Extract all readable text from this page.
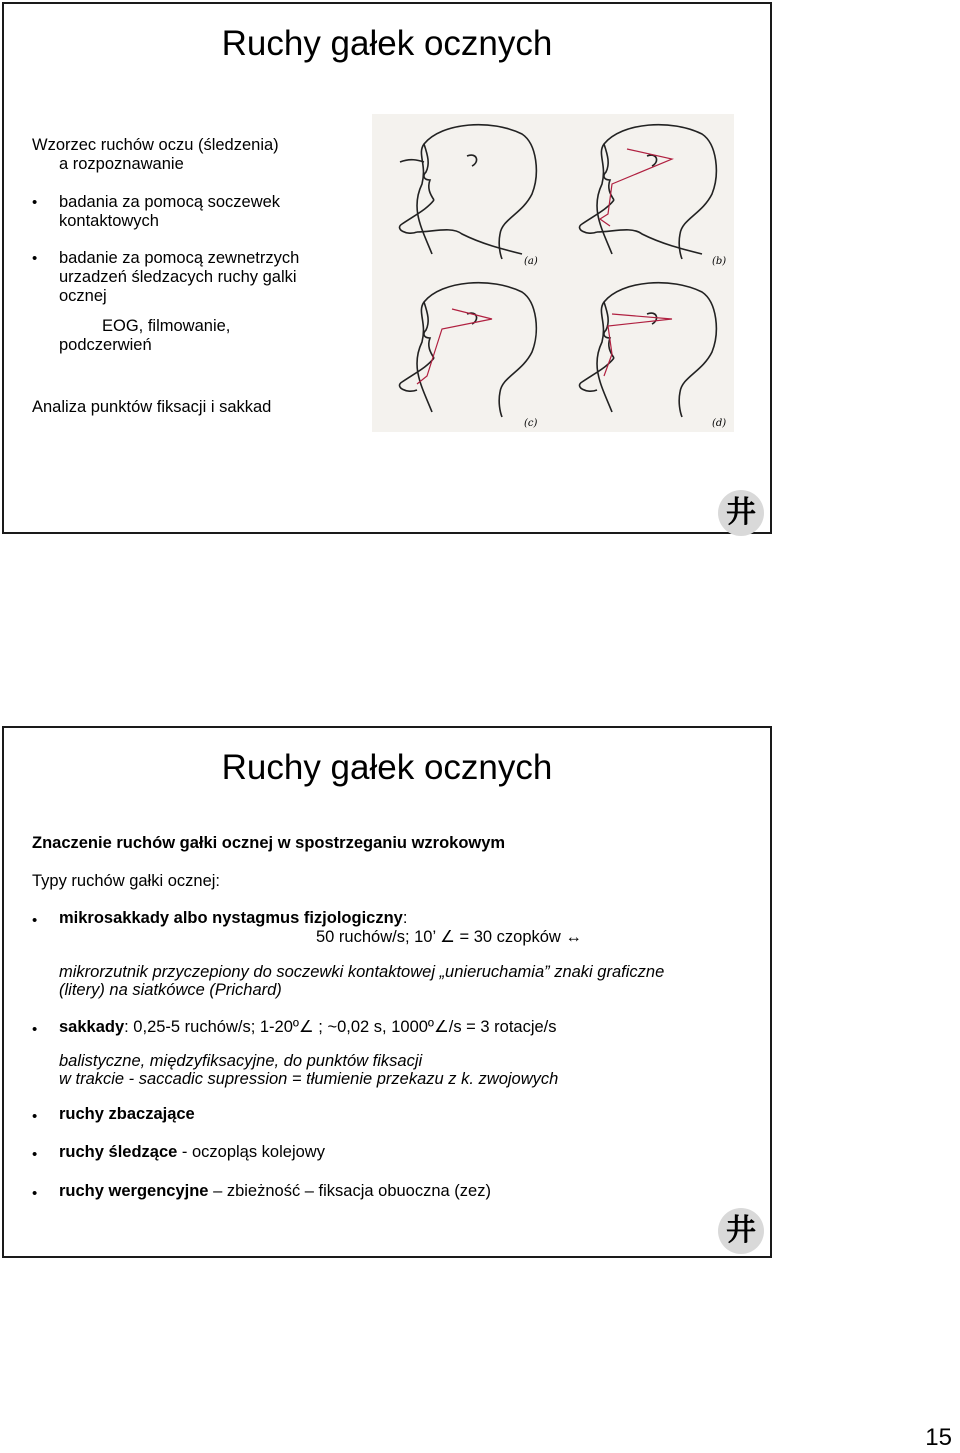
Ruchy gałek ocznych
Wzorzec ruchów oczu (śledzenia)
a rozpoznawanie
• badania za pomocą soczewek
kontaktowych
• badanie za pomocą zewnetrzych
urzadzeń śledzacych ruchy galki
ocznej
EOG, filmowanie,
podczerwień
Analiza punktów fiksacji i sakkad
(a)	(b)
(c)	(d)
井
Ruchy gałek ocznych
Znaczenie ruchów gałki ocznej w spostrzeganiu wzrokowym
Typy ruchów gałki ocznej:
• mikrosakkady albo nystagmus fizjologiczny:
50 ruchów/s; 10’ ∠ = 30 czopków ↔
mikrorzutnik przyczepiony do soczewki kontaktowej „unieruchamia” znaki graficzne
(litery) na siatkówce (Prichard)
• sakkady: 0,25-5 ruchów/s; 1-20º∠ ; ~0,02 s, 1000º∠/s = 3 rotacje/s
balistyczne, międzyfiksacyjne, do punktów fiksacji
w trakcie - saccadic supression = tłumienie przekazu z k. zwojowych
• ruchy zbaczające
• ruchy śledzące - oczopląs kolejowy
• ruchy wergencyjne – zbieżność – fiksacja obuoczna (zez)
井
15
